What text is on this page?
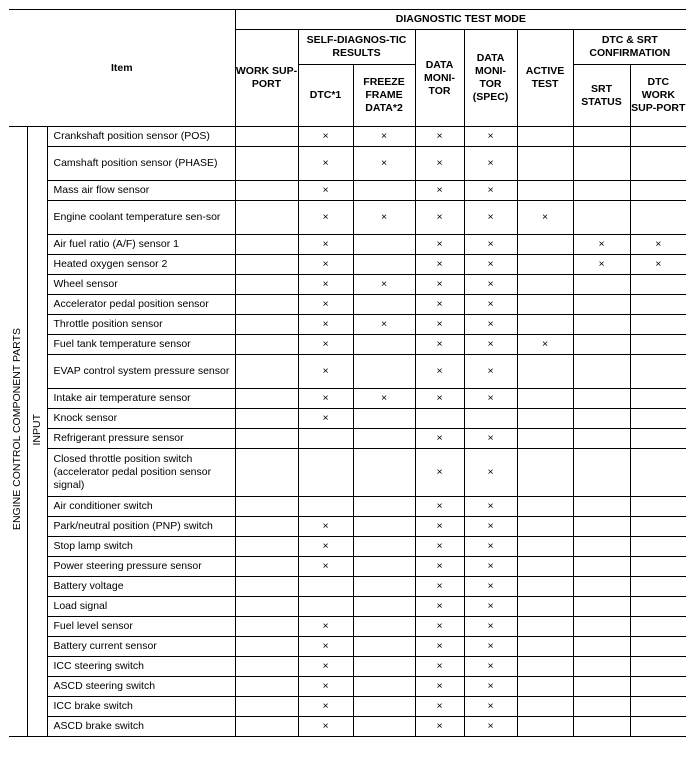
Item			DIAGNOSTIC TEST MODE							
			WORK SUP-PORT	SELF-DIAGNOS-TIC RESULTS		DATA MONI-TOR	DATA MONI-TOR (SPEC)	ACTIVE TEST	DTC & SRT CONFIRMATION	
				DTC*1	FREEZE FRAME DATA*2				SRT STATUS	DTC WORK SUP-PORT
ENGINE CONTROL COMPONENT PARTS	INPUT	Crankshaft position sensor (POS)		×	×	×	×			
		Camshaft position sensor (PHASE)		×	×	×	×			
		Mass air flow sensor		×		×	×			
		Engine coolant temperature sen-sor		×	×	×	×	×		
		Air fuel ratio (A/F) sensor 1		×		×	×		×	×
		Heated oxygen sensor 2		×		×	×		×	×
		Wheel sensor		×	×	×	×			
		Accelerator pedal position sensor		×		×	×			
		Throttle position sensor		×	×	×	×			
		Fuel tank temperature sensor		×		×	×	×		
		EVAP control system pressure sensor		×		×	×			
		Intake air temperature sensor		×	×	×	×			
		Knock sensor		×						
		Refrigerant pressure sensor				×	×			
		Closed throttle position switch (accelerator pedal position sensor signal)				×	×			
		Air conditioner switch				×	×			
		Park/neutral position (PNP) switch		×		×	×			
		Stop lamp switch		×		×	×			
		Power steering pressure sensor		×		×	×			
		Battery voltage				×	×			
		Load signal				×	×			
		Fuel level sensor		×		×	×			
		Battery current sensor		×		×	×			
		ICC steering switch		×		×	×			
		ASCD steering switch		×		×	×			
		ICC brake switch		×		×	×			
		ASCD brake switch		×		×	×			
